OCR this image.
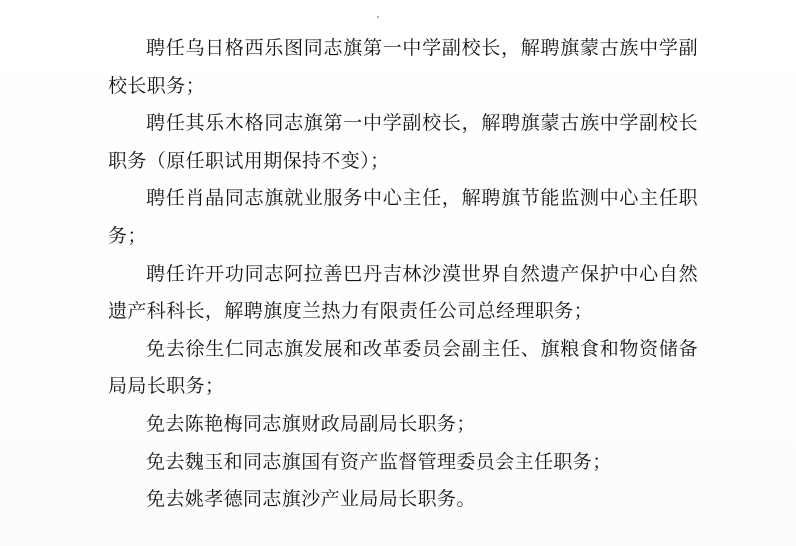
聘任乌日格西乐图同志旗第一中学副校长，解聘旗蒙古族中学副校长职务；

聘任其乐木格同志旗第一中学副校长，解聘旗蒙古族中学副校长职务（原任职试用期保持不变）；

聘任肖晶同志旗就业服务中心主任，解聘旗节能监测中心主任职务；

聘任许开功同志阿拉善巴丹吉林沙漠世界自然遗产保护中心自然遗产科科长，解聘旗度兰热力有限责任公司总经理职务；

免去徐生仁同志旗发展和改革委员会副主任、旗粮食和物资储备局局长职务；

免去陈艳梅同志旗财政局副局长职务；

免去魏玉和同志旗国有资产监督管理委员会主任职务；

免去姚孝德同志旗沙产业局局长职务。
